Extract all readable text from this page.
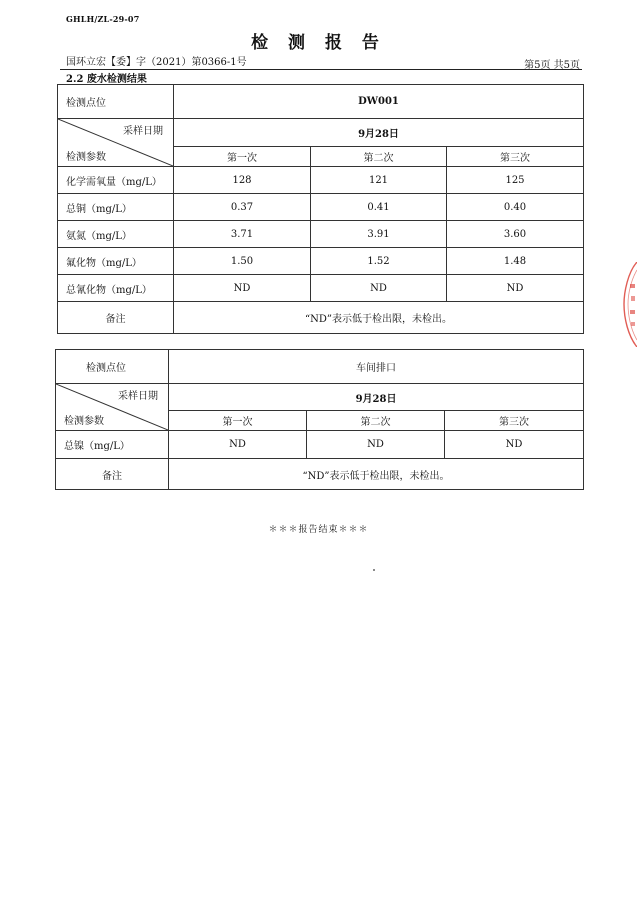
GHLH/ZL-29-07
检 测 报 告
国环立宏【委】字（2021）第0366-1号	第5页 共5页
2.2 废水检测结果
检测点位	DW001		

采样日期
检测参数	9月28日		
	第一次	第二次	第三次
化学需氧量（mg/L）	128	121	125
总铜（mg/L）	0.37	0.41	0.40
氨氮（mg/L）	3.71	3.91	3.60
氟化物（mg/L）	1.50	1.52	1.48
总氰化物（mg/L）	ND	ND	ND
备注	“ND”表示低于检出限，未检出。		
检测点位	车间排口		

采样日期
检测参数	9月28日		
	第一次	第二次	第三次
总镍（mg/L）	ND	ND	ND
备注	“ND”表示低于检出限，未检出。		
＊＊＊报告结束＊＊＊
